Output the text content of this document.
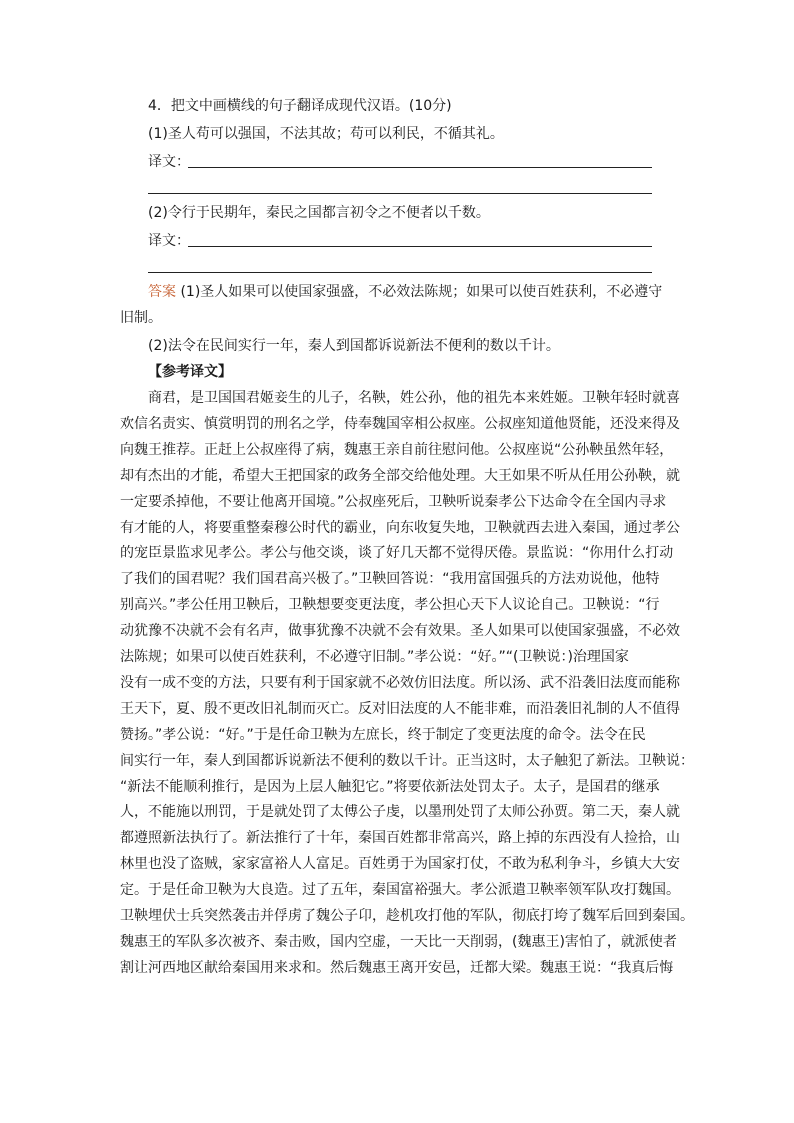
4．把文中画横线的句子翻译成现代汉语。(10分)
(1)圣人苟可以强国，不法其故；苟可以利民，不循其礼。
译文：
(2)令行于民期年，秦民之国都言初令之不便者以千数。
译文：
答案 (1)圣人如果可以使国家强盛，不必效法陈规；如果可以使百姓获利，不必遵守
旧制。
(2)法令在民间实行一年，秦人到国都诉说新法不便利的数以千计。
【参考译文】
商君，是卫国国君姬妾生的儿子，名鞅，姓公孙，他的祖先本来姓姬。卫鞅年轻时就喜
欢信名责实、慎赏明罚的刑名之学，侍奉魏国宰相公叔座。公叔座知道他贤能，还没来得及
向魏王推荐。正赶上公叔座得了病，魏惠王亲自前往慰问他。公叔座说“公孙鞅虽然年轻，
却有杰出的才能，希望大王把国家的政务全部交给他处理。大王如果不听从任用公孙鞅，就
一定要杀掉他，不要让他离开国境。”公叔座死后，卫鞅听说秦孝公下达命令在全国内寻求
有才能的人，将要重整秦穆公时代的霸业，向东收复失地，卫鞅就西去进入秦国，通过孝公
的宠臣景监求见孝公。孝公与他交谈，谈了好几天都不觉得厌倦。景监说：“你用什么打动
了我们的国君呢？我们国君高兴极了。”卫鞅回答说：“我用富国强兵的方法劝说他，他特
别高兴。”孝公任用卫鞅后，卫鞅想要变更法度，孝公担心天下人议论自己。卫鞅说：“行
动犹豫不决就不会有名声，做事犹豫不决就不会有效果。圣人如果可以使国家强盛，不必效
法陈规；如果可以使百姓获利，不必遵守旧制。”孝公说：“好。”“(卫鞅说：)治理国家
没有一成不变的方法，只要有利于国家就不必效仿旧法度。所以汤、武不沿袭旧法度而能称
王天下，夏、殷不更改旧礼制而灭亡。反对旧法度的人不能非难，而沿袭旧礼制的人不值得
赞扬。”孝公说：“好。”于是任命卫鞅为左庶长，终于制定了变更法度的命令。法令在民
间实行一年，秦人到国都诉说新法不便利的数以千计。正当这时，太子触犯了新法。卫鞅说：
“新法不能顺利推行，是因为上层人触犯它。”将要依新法处罚太子。太子，是国君的继承
人，不能施以刑罚，于是就处罚了太傅公子虔，以墨刑处罚了太师公孙贾。第二天，秦人就
都遵照新法执行了。新法推行了十年，秦国百姓都非常高兴，路上掉的东西没有人捡拾，山
林里也没了盗贼，家家富裕人人富足。百姓勇于为国家打仗，不敢为私利争斗，乡镇大大安
定。于是任命卫鞅为大良造。过了五年，秦国富裕强大。孝公派遣卫鞅率领军队攻打魏国。
卫鞅埋伏士兵突然袭击并俘虏了魏公子卬，趁机攻打他的军队，彻底打垮了魏军后回到秦国。
魏惠王的军队多次被齐、秦击败，国内空虚，一天比一天削弱，(魏惠王)害怕了，就派使者
割让河西地区献给秦国用来求和。然后魏惠王离开安邑，迁都大梁。魏惠王说：“我真后悔
